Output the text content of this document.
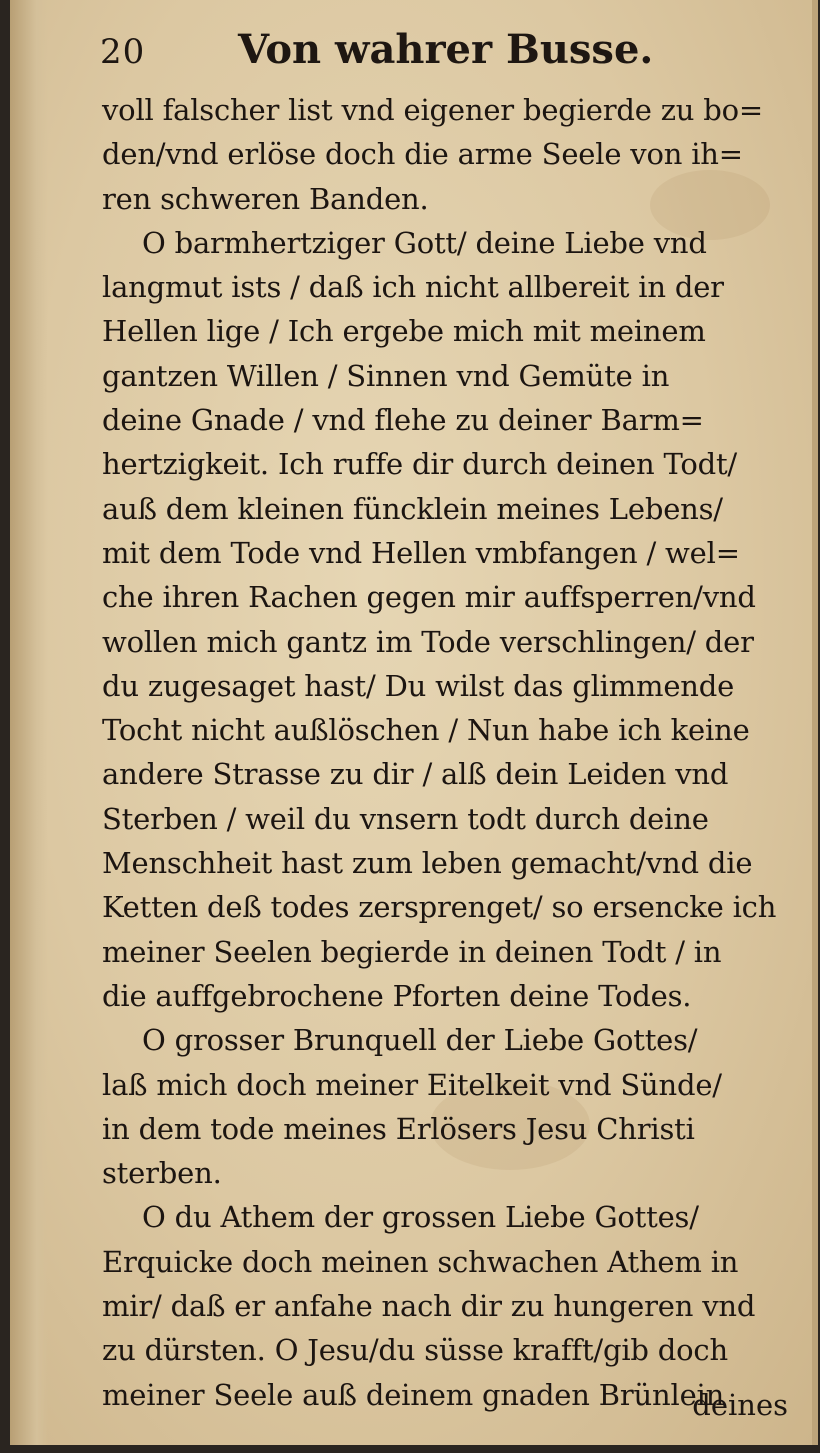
20 Von wahrer Busse.
voll falscher list vnd eigener begierde zu bo=
den/vnd erlöse doch die arme Seele von ih=
ren schweren Banden.
O barmhertziger Gott/ deine Liebe vnd
langmut ists / daß ich nicht allbereit in der
Hellen lige / Ich ergebe mich mit meinem
gantzen Willen / Sinnen vnd Gemüte in
deine Gnade / vnd flehe zu deiner Barm=
hertzigkeit. Ich ruffe dir durch deinen Todt/
auß dem kleinen füncklein meines Lebens/
mit dem Tode vnd Hellen vmbfangen / wel=
che ihren Rachen gegen mir auffsperren/vnd
wollen mich gantz im Tode verschlingen/ der
du zugesaget hast/ Du wilst das glimmende
Tocht nicht außlöschen / Nun habe ich keine
andere Strasse zu dir / alß dein Leiden vnd
Sterben / weil du vnsern todt durch deine
Menschheit hast zum leben gemacht/vnd die
Ketten deß todes zersprenget/ so ersencke ich
meiner Seelen begierde in deinen Todt / in
die auffgebrochene Pforten deine Todes.
O grosser Brunquell der Liebe Gottes/
laß mich doch meiner Eitelkeit vnd Sünde/
in dem tode meines Erlösers Jesu Christi
sterben.
O du Athem der grossen Liebe Gottes/
Erquicke doch meinen schwachen Athem in
mir/ daß er anfahe nach dir zu hungeren vnd
zu dürsten. O Jesu/du süsse krafft/gib doch
meiner Seele auß deinem gnaden Brünlein
deines
